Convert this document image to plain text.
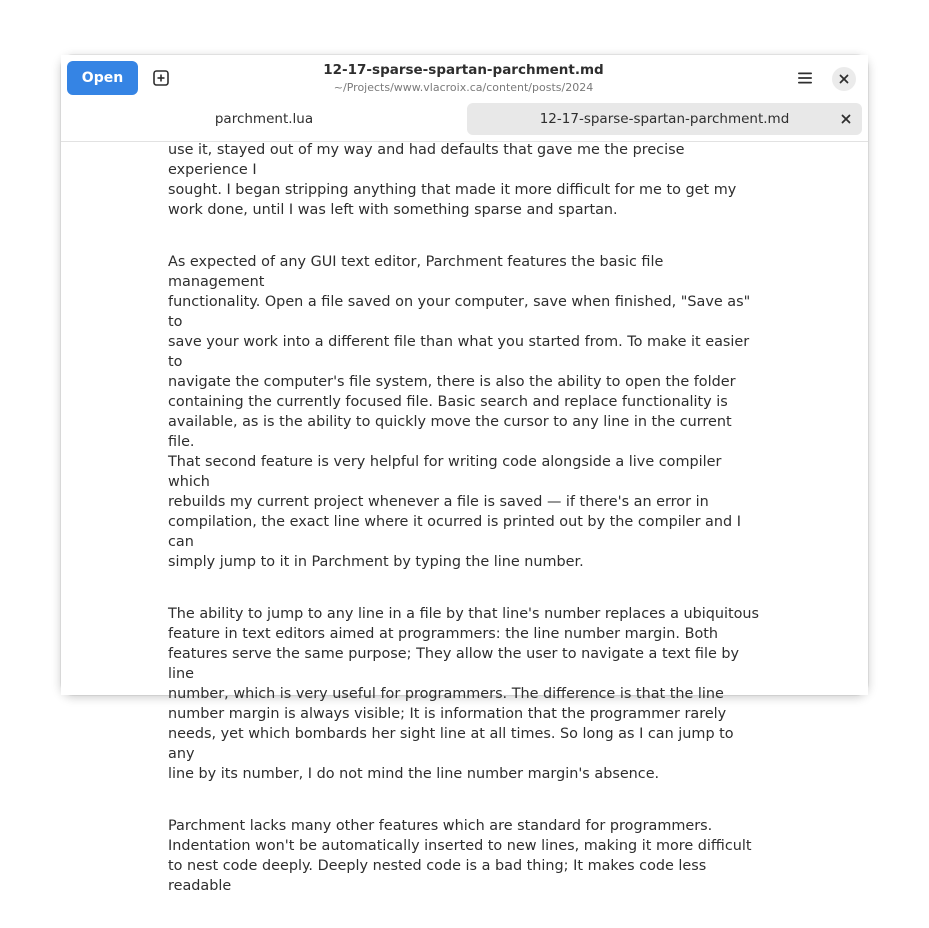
Open	12-17-sparse-spartan-parchment.md
~/Projects/www.vlacroix.ca/content/posts/2024
parchment.lua	12-17-sparse-spartan-parchment.md

use it, stayed out of my way and had defaults that gave me the precise experience I
sought. I began stripping anything that made it more difficult for me to get my
work done, until I was left with something sparse and spartan.

As expected of any GUI text editor, Parchment features the basic file management
functionality. Open a file saved on your computer, save when finished, "Save as" to
save your work into a different file than what you started from. To make it easier to
navigate the computer's file system, there is also the ability to open the folder
containing the currently focused file. Basic search and replace functionality is
available, as is the ability to quickly move the cursor to any line in the current file.
That second feature is very helpful for writing code alongside a live compiler which
rebuilds my current project whenever a file is saved — if there's an error in
compilation, the exact line where it ocurred is printed out by the compiler and I can
simply jump to it in Parchment by typing the line number.

The ability to jump to any line in a file by that line's number replaces a ubiquitous
feature in text editors aimed at programmers: the line number margin. Both
features serve the same purpose; They allow the user to navigate a text file by line
number, which is very useful for programmers. The difference is that the line
number margin is always visible; It is information that the programmer rarely
needs, yet which bombards her sight line at all times. So long as I can jump to any
line by its number, I do not mind the line number margin's absence.

Parchment lacks many other features which are standard for programmers.
Indentation won't be automatically inserted to new lines, making it more difficult
to nest code deeply. Deeply nested code is a bad thing; It makes code less readable
